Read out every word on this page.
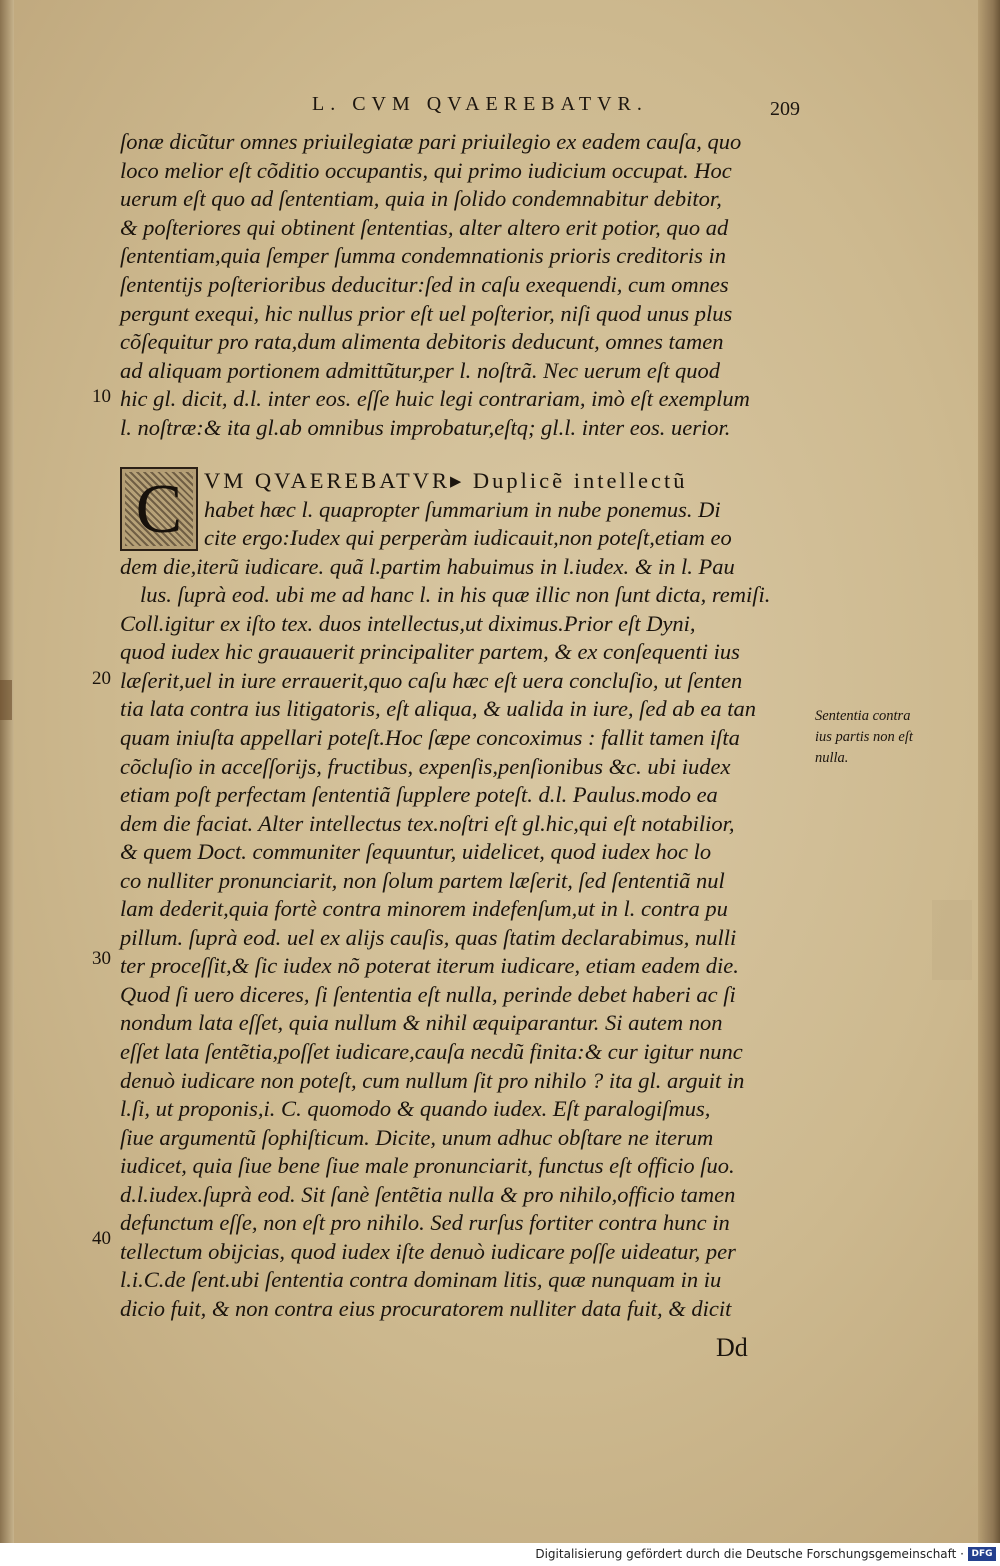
L. CVM QVAEREBATVR.	209
ſonæ dicũtur omnes priuilegiatæ pari priuilegio ex eadem cauſa, quo
loco melior eſt cõditio occupantis, qui primo iudicium occupat. Hoc
uerum eſt quo ad ſententiam, quia in ſolido condemnabitur debitor,
& poſteriores qui obtinent ſententias, alter altero erit potior, quo ad
ſententiam,quia ſemper ſumma condemnationis prioris creditoris in
ſententijs poſterioribus deducitur:ſed in caſu exequendi, cum omnes
pergunt exequi, hic nullus prior eſt uel poſterior, niſi quod unus plus
cõſequitur pro rata,dum alimenta debitoris deducunt, omnes tamen
ad aliquam portionem admittũtur,per l. noſtrã. Nec uerum eſt quod
hic gl. dicit, d.l. inter eos. eſſe huic legi contrariam, imò eſt exemplum
l. noſtræ:& ita gl.ab omnibus improbatur,eſtq; gl.l. inter eos. uerior.
VM QVAEREBATVR▸ Duplicẽ intellectũ
habet hæc l. quapropter ſummarium in nube ponemus. Di
cite ergo:Iudex qui perperàm iudicauit,non poteſt,etiam eo
dem die,iterũ iudicare. quã l.partim habuimus in l.iudex. & in l. Pau
lus. ſuprà eod. ubi me ad hanc l. in his quæ illic non ſunt dicta, remiſi.
Coll.igitur ex iſto tex. duos intellectus,ut diximus.Prior eſt Dyni,
quod iudex hic grauauerit principaliter partem, & ex conſequenti ius
læſerit,uel in iure errauerit,quo caſu hæc eſt uera concluſio, ut ſenten
tia lata contra ius litigatoris, eſt aliqua, & ualida in iure, ſed ab ea tan
quam iniuſta appellari poteſt.Hoc ſæpe concoximus : fallit tamen iſta
cõcluſio in acceſſorijs, fructibus, expenſis,penſionibus &c. ubi iudex
etiam poſt perfectam ſententiã ſupplere poteſt. d.l. Paulus.modo ea
dem die faciat. Alter intellectus tex.noſtri eſt gl.hic,qui eſt notabilior,
& quem Doct. communiter ſequuntur, uidelicet, quod iudex hoc lo
co nulliter pronunciarit, non ſolum partem læſerit, ſed ſententiã nul
lam dederit,quia fortè contra minorem indefenſum,ut in l. contra pu
pillum. ſuprà eod. uel ex alijs cauſis, quas ſtatim declarabimus, nulli
ter proceſſit,& ſic iudex nõ poterat iterum iudicare, etiam eadem die.
Quod ſi uero diceres, ſi ſententia eſt nulla, perinde debet haberi ac ſi
nondum lata eſſet, quia nullum & nihil æquiparantur. Si autem non
eſſet lata ſentẽtia,poſſet iudicare,cauſa necdũ finita:& cur igitur nunc
denuò iudicare non poteſt, cum nullum ſit pro nihilo ? ita gl. arguit in
l.ſi, ut proponis,i. C. quomodo & quando iudex. Eſt paralogiſmus,
ſiue argumentũ ſophiſticum. Dicite, unum adhuc obſtare ne iterum
iudicet, quia ſiue bene ſiue male pronunciarit, functus eſt officio ſuo.
d.l.iudex.ſuprà eod. Sit ſanè ſentẽtia nulla & pro nihilo,officio tamen
defunctum eſſe, non eſt pro nihilo. Sed rurſus fortiter contra hunc in
tellectum obijcias, quod iudex iſte denuò iudicare poſſe uideatur, per
l.i.C.de ſent.ubi ſententia contra dominam litis, quæ nunquam in iu
dicio fuit, & non contra eius procuratorem nulliter data fuit, & dicit
C
10
20
30
40
Sententia contra
ius partis non eſt
nulla.
Dd
Digitalisierung gefördert durch die Deutsche Forschungsgemeinschaft · DFG
